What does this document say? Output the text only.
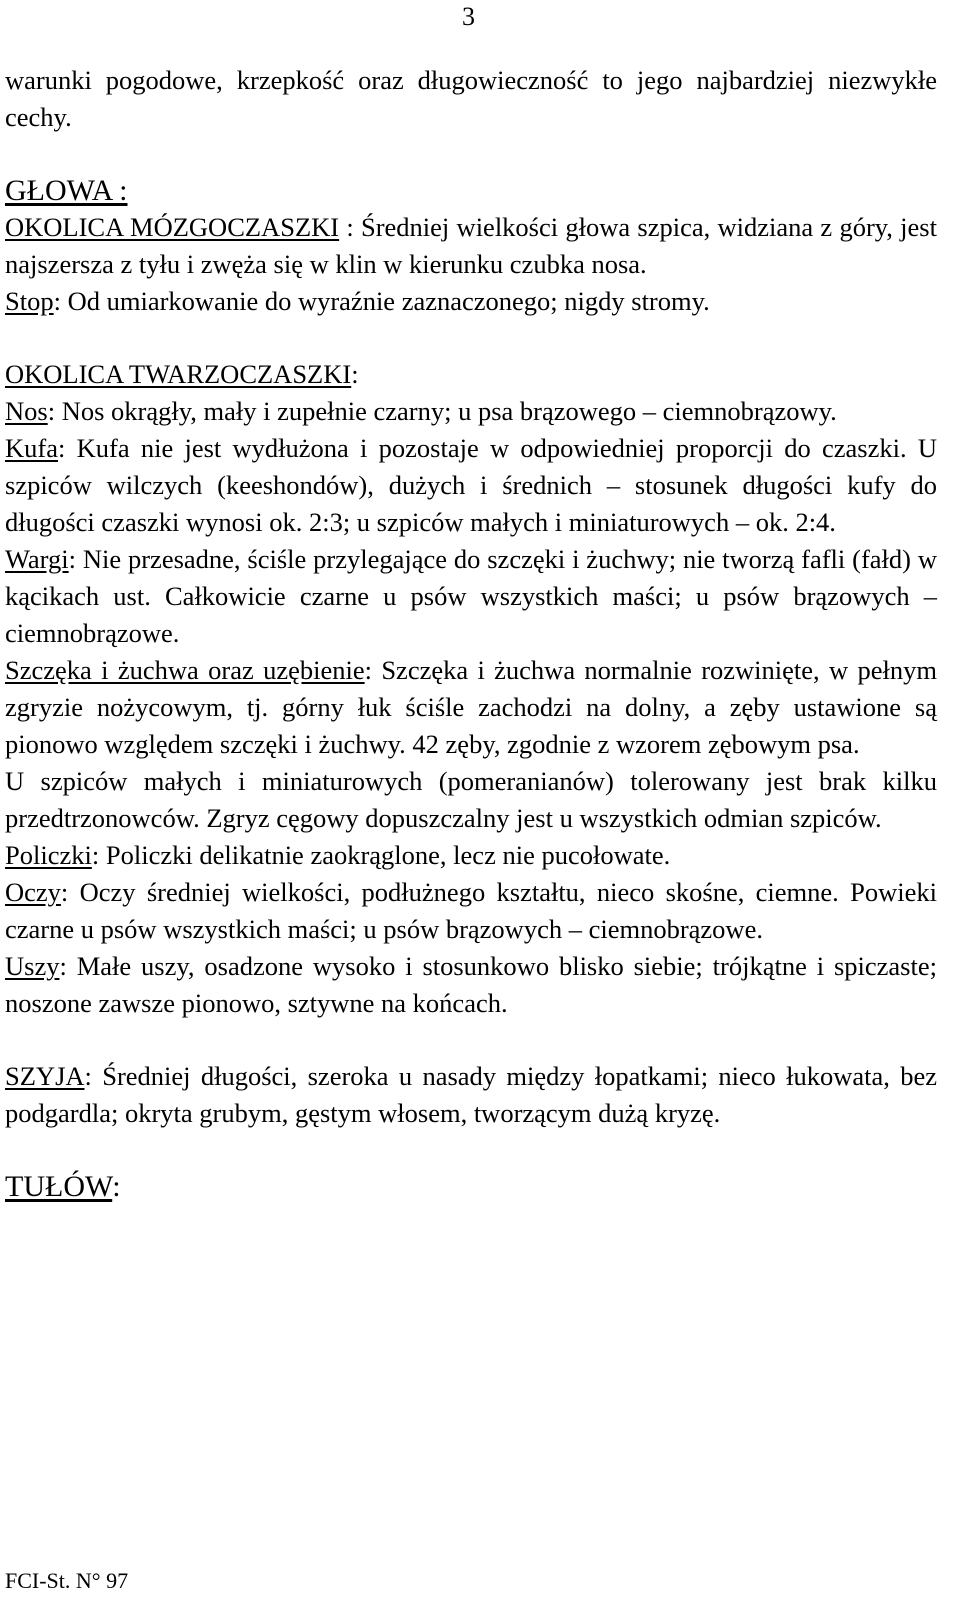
3

warunki pogodowe, krzepkość oraz długowieczność to jego najbardziej niezwykłe cechy.

GŁOWA :

OKOLICA MÓZGOCZASZKI : Średniej wielkości głowa szpica, widziana z góry, jest najszersza z tyłu i zwęża się w klin w kierunku czubka nosa.

Stop: Od umiarkowanie do wyraźnie zaznaczonego; nigdy stromy.

OKOLICA TWARZOCZASZKI:

Nos: Nos okrągły, mały i zupełnie czarny; u psa brązowego – ciemnobrązowy.

Kufa: Kufa nie jest wydłużona i pozostaje w odpowiedniej proporcji do czaszki. U szpiców wilczych (keeshondów), dużych i średnich – stosunek długości kufy do długości czaszki wynosi ok. 2:3; u szpiców małych i miniaturowych – ok. 2:4.

Wargi: Nie przesadne, ściśle przylegające do szczęki i żuchwy; nie tworzą fafli (fałd) w kącikach ust. Całkowicie czarne u psów wszystkich maści; u psów brązowych – ciemnobrązowe.

Szczęka i żuchwa oraz uzębienie: Szczęka i żuchwa normalnie rozwinięte, w pełnym zgryzie nożycowym, tj. górny łuk ściśle zachodzi na dolny, a zęby ustawione są pionowo względem szczęki i żuchwy. 42 zęby, zgodnie z wzorem zębowym psa.

U szpiców małych i miniaturowych (pomeranianów) tolerowany jest brak kilku przedtrzonowców. Zgryz cęgowy dopuszczalny jest u wszystkich odmian szpiców.

Policzki: Policzki delikatnie zaokrąglone, lecz nie pucołowate.

Oczy: Oczy średniej wielkości, podłużnego kształtu, nieco skośne, ciemne. Powieki czarne u psów wszystkich maści; u psów brązowych – ciemnobrązowe.

Uszy: Małe uszy, osadzone wysoko i stosunkowo blisko siebie; trójkątne i spiczaste; noszone zawsze pionowo, sztywne na końcach.

SZYJA: Średniej długości, szeroka u nasady między łopatkami; nieco łukowata, bez podgardla; okryta grubym, gęstym włosem, tworzącym dużą kryzę.

TUŁÓW:

FCI-St. N° 97
